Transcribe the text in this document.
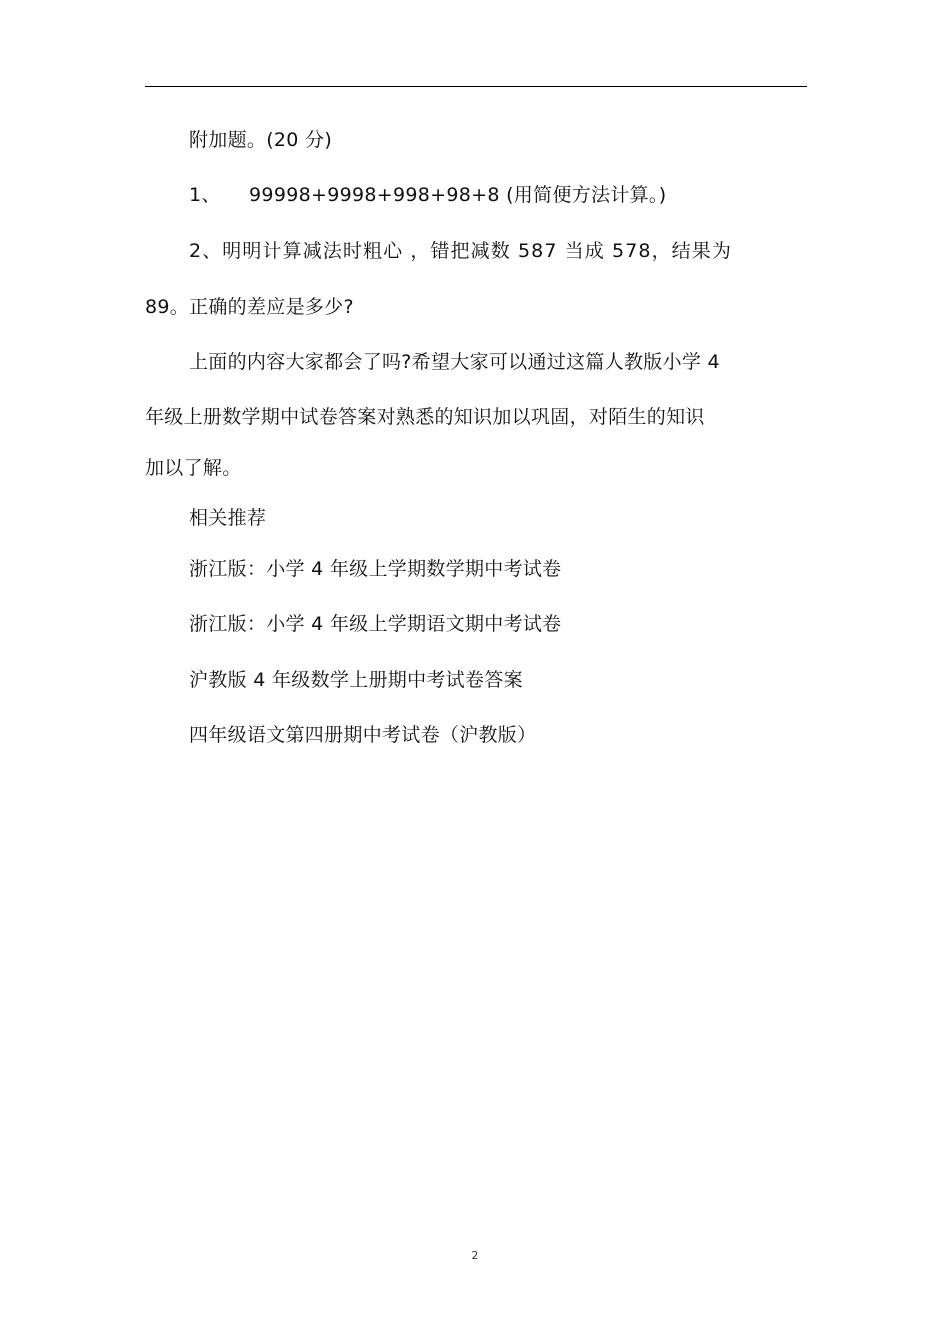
附加题。(20 分)
1、 99998+9998+998+98+8 (用简便方法计算。)
2、明明计算减法时粗心 ，错把减数 587 当成 578，结果为
89。正确的差应是多少?
上面的内容大家都会了吗?希望大家可以通过这篇人教版小学 4
年级上册数学期中试卷答案对熟悉的知识加以巩固，对陌生的知识
加以了解。
相关推荐
浙江版：小学 4 年级上学期数学期中考试卷
浙江版：小学 4 年级上学期语文期中考试卷
沪教版 4 年级数学上册期中考试卷答案
四年级语文第四册期中考试卷（沪教版）
2
